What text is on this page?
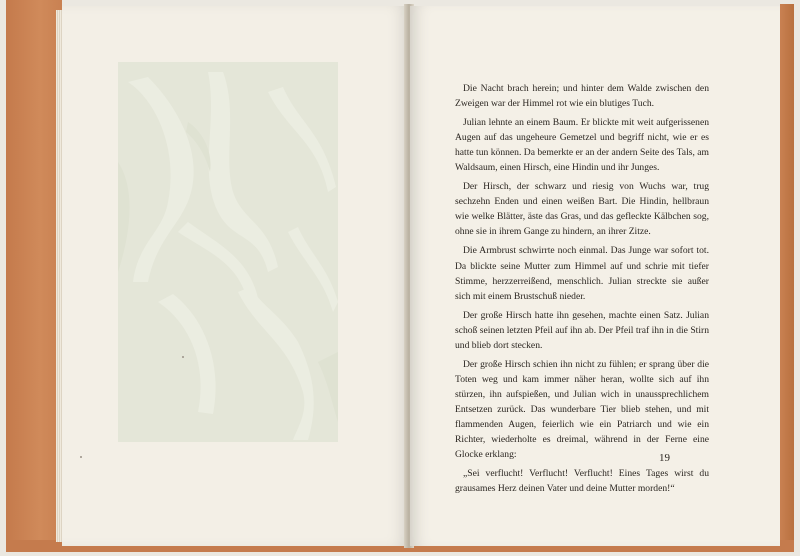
Die Nacht brach herein; und hinter dem Walde zwischen den Zweigen war der Himmel rot wie ein blutiges Tuch.

Julian lehnte an einem Baum. Er blickte mit weit aufgerissenen Augen auf das ungeheure Gemetzel und begriff nicht, wie er es hatte tun können. Da bemerkte er an der andern Seite des Tals, am Waldsaum, einen Hirsch, eine Hindin und ihr Junges.

Der Hirsch, der schwarz und riesig von Wuchs war, trug sechzehn Enden und einen weißen Bart. Die Hindin, hellbraun wie welke Blätter, äste das Gras, und das gefleckte Kälbchen sog, ohne sie in ihrem Gange zu hindern, an ihrer Zitze.

Die Armbrust schwirrte noch einmal. Das Junge war sofort tot. Da blickte seine Mutter zum Himmel auf und schrie mit tiefer Stimme, herzzerreißend, menschlich. Julian streckte sie außer sich mit einem Brustschuß nieder.

Der große Hirsch hatte ihn gesehen, machte einen Satz. Julian schoß seinen letzten Pfeil auf ihn ab. Der Pfeil traf ihn in die Stirn und blieb dort stecken.

Der große Hirsch schien ihn nicht zu fühlen; er sprang über die Toten weg und kam immer näher heran, wollte sich auf ihn stürzen, ihn aufspießen, und Julian wich in unaussprechlichem Entsetzen zurück. Das wunderbare Tier blieb stehen, und mit flammenden Augen, feierlich wie ein Patriarch und wie ein Richter, wiederholte es dreimal, während in der Ferne eine Glocke erklang:

„Sei verflucht! Verflucht! Verflucht! Eines Tages wirst du grausames Herz deinen Vater und deine Mutter morden!“

19
